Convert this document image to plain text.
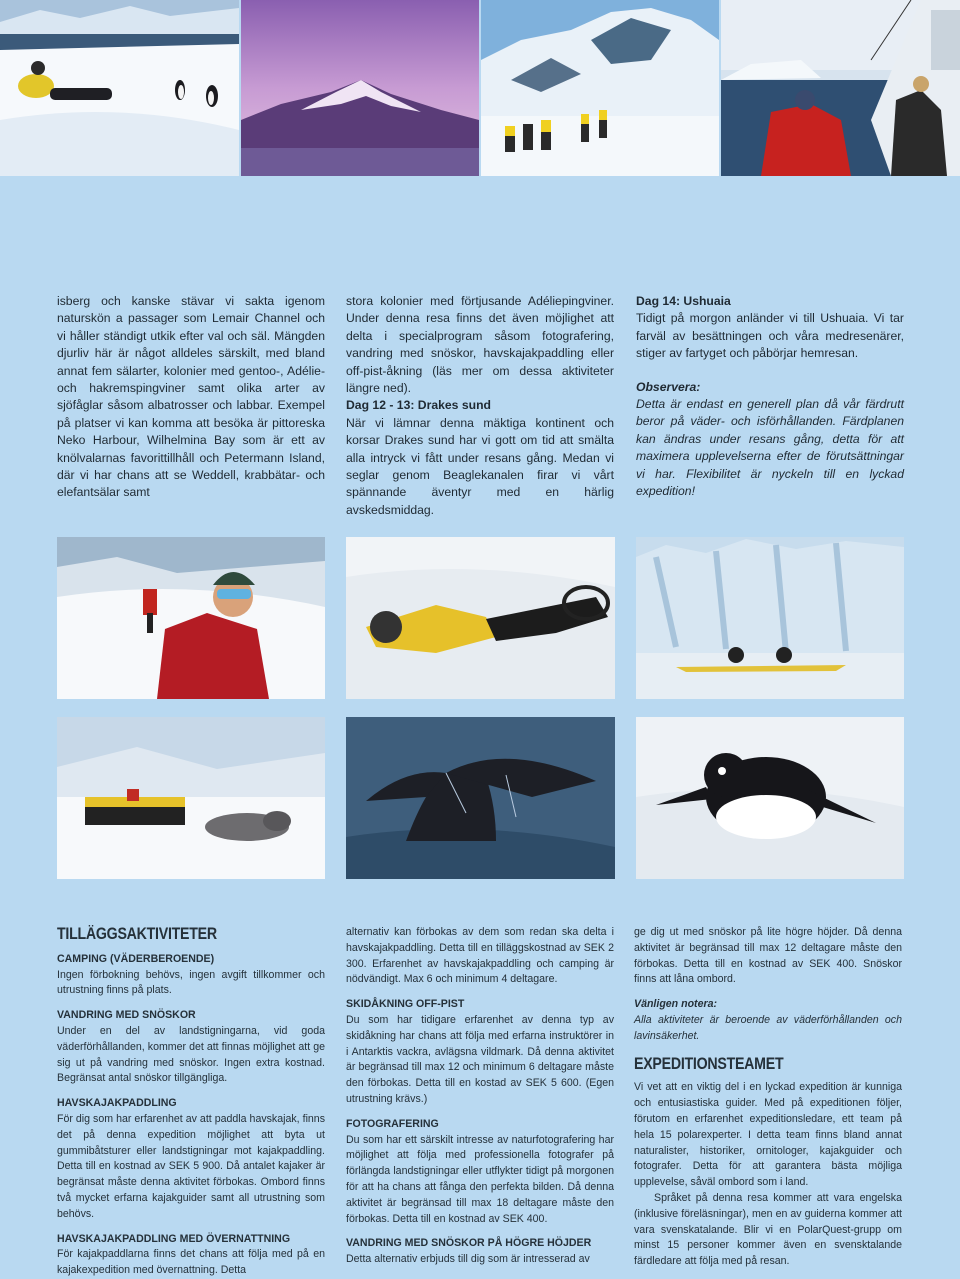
isberg och kanske stävar vi sakta igenom naturskön a passager som Lemair Channel och vi håller ständigt utkik efter val och säl. Mängden djurliv här är något alldeles särskilt, med bland annat fem sälarter, kolonier med gentoo-, Adélie- och hakremspingviner samt olika arter av sjöfåglar såsom albatrosser och labbar. Exempel på platser vi kan komma att besöka är pittoreska Neko Harbour, Wilhelmina Bay som är ett av knölvalarnas favorittillhåll och Petermann Island, där vi har chans att se Weddell, krabbätar- och elefantsälar samt

stora kolonier med förtjusande Adéliepingviner. Under denna resa finns det även möjlighet att delta i specialprogram såsom fotografering, vandring med snöskor, havskajakpaddling eller off-pist-åkning (läs mer om dessa aktiviteter längre ned).

Dag 12 - 13: Drakes sund

När vi lämnar denna mäktiga kontinent och korsar Drakes sund har vi gott om tid att smälta alla intryck vi fått under resans gång. Medan vi seglar genom Beaglekanalen firar vi vårt spännande äventyr med en härlig avskedsmiddag.

Dag 14: Ushuaia

Tidigt på morgon anländer vi till Ushuaia. Vi tar farväl av besättningen och våra medresenärer, stiger av fartyget och påbörjar hemresan.

Observera:

Detta är endast en generell plan då vår färdrutt beror på väder- och isförhållanden. Färdplanen kan ändras under resans gång, detta för att maximera upplevelserna efter de förutsättningar vi har. Flexibilitet är nyckeln till en lyckad expedition!

TILLÄGGSAKTIVITETER
CAMPING (VÄDERBEROENDE)

Ingen förbokning behövs, ingen avgift tillkommer och utrustning finns på plats.

VANDRING MED SNÖSKOR

Under en del av landstigningarna, vid goda väderförhållanden, kommer det att finnas möjlighet att ge sig ut på vandring med snöskor. Ingen extra kostnad. Begränsat antal snöskor tillgängliga.

HAVSKAJAKPADDLING

För dig som har erfarenhet av att paddla havskajak, finns det på denna expedition möjlighet att byta ut gummibåtsturer eller landstigningar mot kajakpaddling. Detta till en kostnad av SEK 5 900. Då antalet kajaker är begränsat måste denna aktivitet förbokas. Ombord finns två mycket erfarna kajakguider samt all utrustning som behövs.

HAVSKAJAKPADDLING MED ÖVERNATTNING

För kajakpaddlarna finns det chans att följa med på en kajakexpedition med övernattning. Detta

alternativ kan förbokas av dem som redan ska delta i havskajakpaddling. Detta till en tilläggskostnad av SEK 2 300. Erfarenhet av havskajakpaddling och camping är nödvändigt. Max 6 och minimum 4 deltagare.

SKIDÅKNING OFF-PIST

Du som har tidigare erfarenhet av denna typ av skidåkning har chans att följa med erfarna instruktörer in i Antarktis vackra, avlägsna vildmark. Då denna aktivitet är begränsad till max 12 och minimum 6 deltagare måste den förbokas. Detta till en kostad av SEK 5 600. (Egen utrustning krävs.)

FOTOGRAFERING

Du som har ett särskilt intresse av naturfotografering har möjlighet att följa med professionella fotografer på förlängda landstigningar eller utflykter tidigt på morgonen för att ha chans att fånga den perfekta bilden. Då denna aktivitet är begränsad till max 18 deltagare måste den förbokas. Detta till en kostnad av SEK 400.

VANDRING MED SNÖSKOR PÅ HÖGRE HÖJDER

Detta alternativ erbjuds till dig som är intresserad av

ge dig ut med snöskor på lite högre höjder. Då denna aktivitet är begränsad till max 12 deltagare måste den förbokas. Detta till en kostnad av SEK 400. Snöskor finns att låna ombord.

Vänligen notera:

Alla aktiviteter är beroende av väderförhållanden och lavinsäkerhet.

EXPEDITIONSTEAMET

Vi vet att en viktig del i en lyckad expedition är kunniga och entusiastiska guider. Med på expeditionen följer, förutom en erfarenhet expeditionsledare, ett team på hela 15 polarexperter. I detta team finns bland annat naturalister, historiker, ornitologer, kajakguider och fotografer. Detta för att garantera bästa möjliga upplevelse, såväl ombord som i land.

Språket på denna resa kommer att vara engelska (inklusive föreläsningar), men en av guiderna kommer att vara svenskatalande. Blir vi en PolarQuest-grupp om minst 15 personer kommer även en svensktalande färdledare att följa med på resan.
